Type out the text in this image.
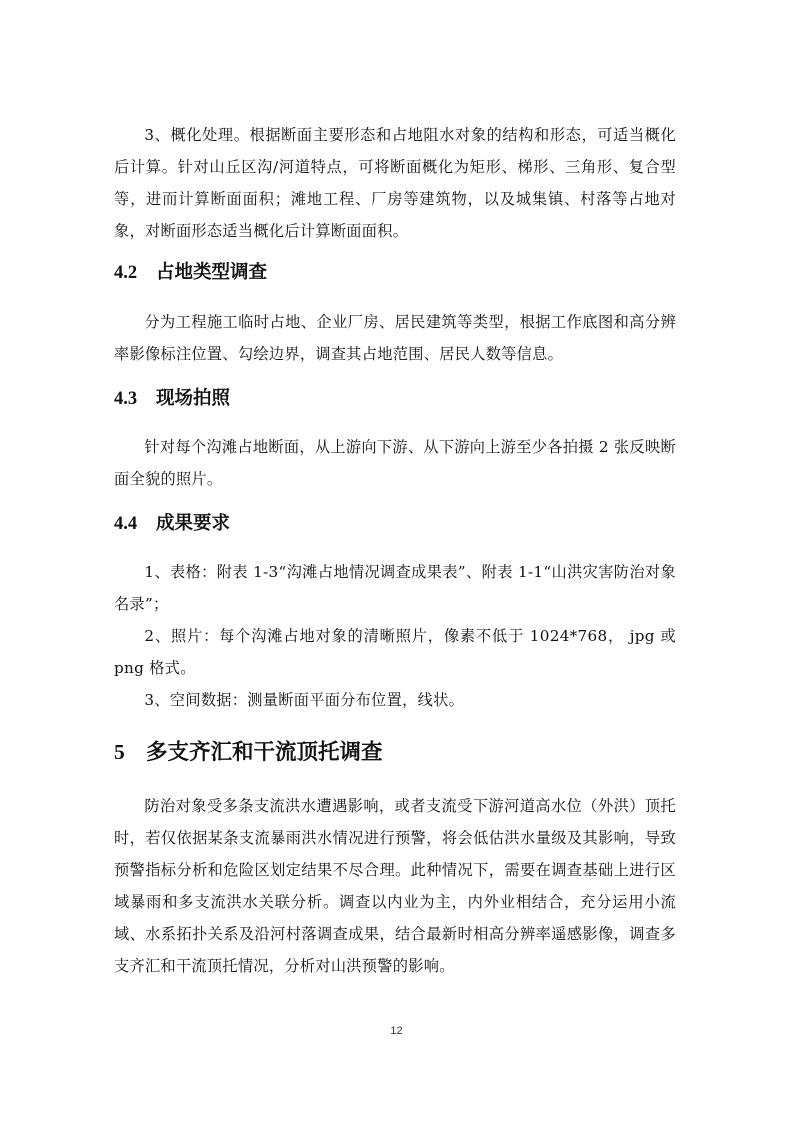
3、概化处理。根据断面主要形态和占地阻水对象的结构和形态，可适当概化后计算。针对山丘区沟/河道特点，可将断面概化为矩形、梯形、三角形、复合型等，进而计算断面面积；滩地工程、厂房等建筑物，以及城集镇、村落等占地对象，对断面形态适当概化后计算断面面积。

4.2 占地类型调查

分为工程施工临时占地、企业厂房、居民建筑等类型，根据工作底图和高分辨率影像标注位置、勾绘边界，调查其占地范围、居民人数等信息。

4.3 现场拍照

针对每个沟滩占地断面，从上游向下游、从下游向上游至少各拍摄 2 张反映断面全貌的照片。

4.4 成果要求

1、表格：附表 1-3“沟滩占地情况调查成果表”、附表 1-1“山洪灾害防治对象名录”；

2、照片：每个沟滩占地对象的清晰照片，像素不低于 1024*768， jpg 或 png 格式。

3、空间数据：测量断面平面分布位置，线状。

5 多支齐汇和干流顶托调查

防治对象受多条支流洪水遭遇影响，或者支流受下游河道高水位（外洪）顶托时，若仅依据某条支流暴雨洪水情况进行预警，将会低估洪水量级及其影响，导致预警指标分析和危险区划定结果不尽合理。此种情况下，需要在调查基础上进行区域暴雨和多支流洪水关联分析。调查以内业为主，内外业相结合，充分运用小流域、水系拓扑关系及沿河村落调查成果，结合最新时相高分辨率遥感影像，调查多支齐汇和干流顶托情况，分析对山洪预警的影响。

12
